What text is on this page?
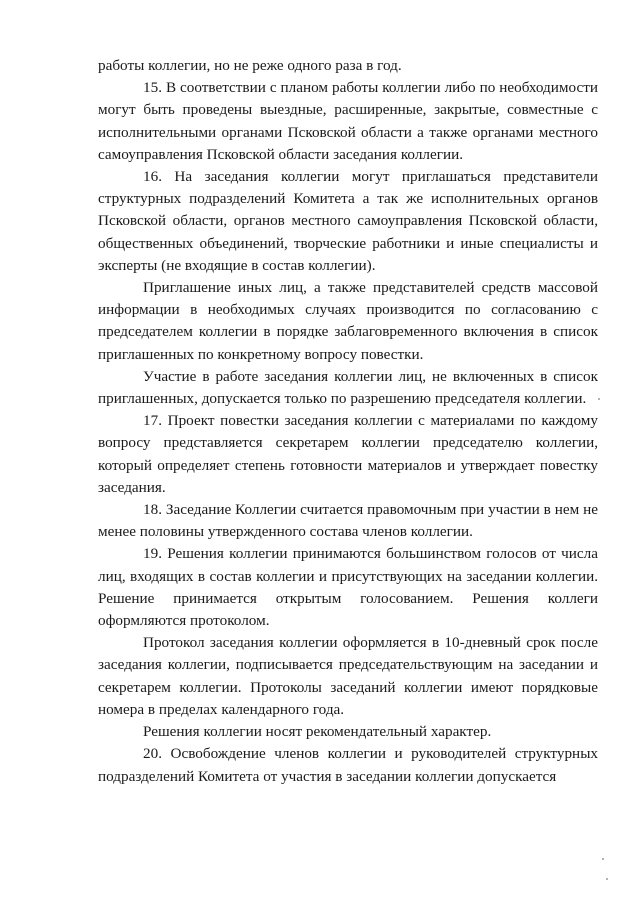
работы коллегии, но не реже одного раза в год.

15. В соответствии с планом работы коллегии либо по необходимости могут быть проведены выездные, расширенные, закрытые, совместные с исполнительными органами Псковской области а также органами местного самоуправления Псковской области заседания коллегии.

16. На заседания коллегии могут приглашаться представители структурных подразделений Комитета а так же исполнительных органов Псковской области, органов местного самоуправления Псковской области, общественных объединений, творческие работники и иные специалисты и эксперты (не входящие в состав коллегии).

Приглашение иных лиц, а также представителей средств массовой информации в необходимых случаях производится по согласованию с председателем коллегии в порядке заблаговременного включения в список приглашенных по конкретному вопросу повестки.

Участие в работе заседания коллегии лиц, не включенных в список приглашенных, допускается только по разрешению председателя коллегии.

17. Проект повестки заседания коллегии с материалами по каждому вопросу представляется секретарем коллегии председателю коллегии, который определяет степень готовности материалов и утверждает повестку заседания.

18. Заседание Коллегии считается правомочным при участии в нем не менее половины утвержденного состава членов коллегии.

19. Решения коллегии принимаются большинством голосов от числа лиц, входящих в состав коллегии и присутствующих на заседании коллегии. Решение принимается открытым голосованием. Решения коллеги оформляются протоколом.

Протокол заседания коллегии оформляется в 10-дневный срок после заседания коллегии, подписывается председательствующим на заседании и секретарем коллегии. Протоколы заседаний коллегии имеют порядковые номера в пределах календарного года.

Решения коллегии носят рекомендательный характер.

20. Освобождение членов коллегии и руководителей структурных подразделений Комитета от участия в заседании коллегии допускается
